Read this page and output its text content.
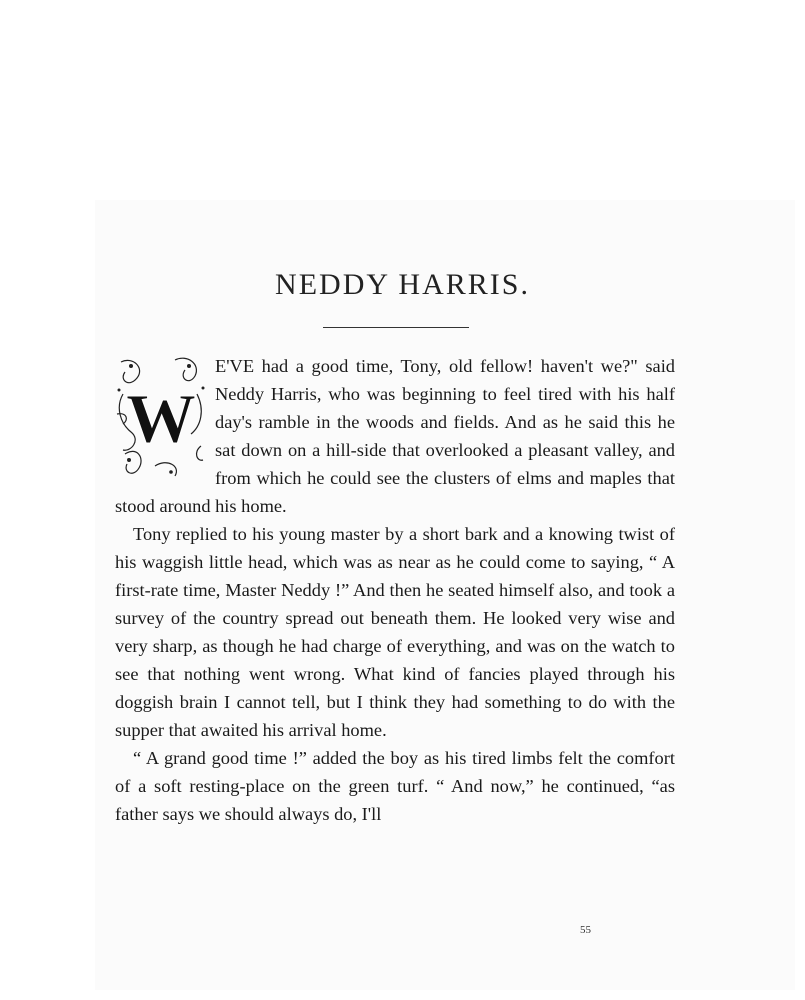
NEDDY HARRIS.
W

E'VE had a good time, Tony, old fellow! haven't we?" said Neddy Harris, who was beginning to feel tired with his half day's ramble in the woods and fields. And as he said this he sat down on a hill-side that overlooked a pleasant valley, and from which he could see the clusters of elms and maples that stood around his home.

Tony replied to his young master by a short bark and a knowing twist of his waggish little head, which was as near as he could come to saying, “ A first-rate time, Master Neddy !” And then he seated himself also, and took a survey of the country spread out beneath them. He looked very wise and very sharp, as though he had charge of everything, and was on the watch to see that nothing went wrong. What kind of fancies played through his doggish brain I cannot tell, but I think they had something to do with the supper that awaited his arrival home.

“ A grand good time !” added the boy as his tired limbs felt the comfort of a soft resting-place on the green turf. “ And now,” he continued, “as father says we should always do, I'll

55
